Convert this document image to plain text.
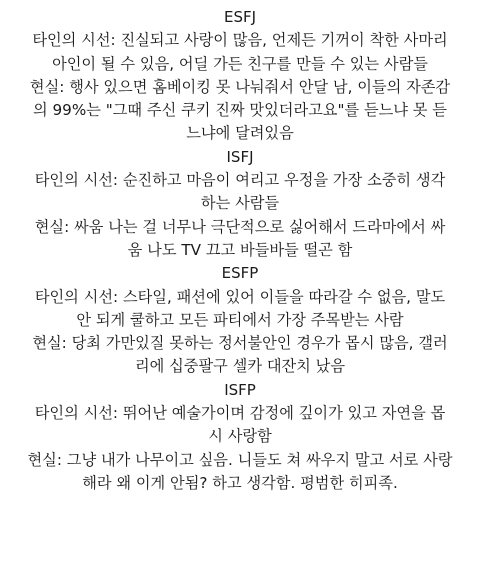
ESFJ
타인의 시선: 진실되고 사랑이 많음, 언제든 기꺼이 착한 사마리
아인이 될 수 있음, 어딜 가든 친구를 만들 수 있는 사람들
현실: 행사 있으면 홈베이킹 못 나눠줘서 안달 남, 이들의 자존감
의 99%는 "그때 주신 쿠키 진짜 맛있더라고요"를 듣느냐 못 듣
느냐에 달려있음
ISFJ
타인의 시선: 순진하고 마음이 여리고 우정을 가장 소중히 생각
하는 사람들
현실: 싸움 나는 걸 너무나 극단적으로 싫어해서 드라마에서 싸
움 나도 TV 끄고 바들바들 떨곤 함
ESFP
타인의 시선: 스타일, 패션에 있어 이들을 따라갈 수 없음, 말도
안 되게 쿨하고 모든 파티에서 가장 주목받는 사람
현실: 당최 가만있질 못하는 정서불안인 경우가 몹시 많음, 갤러
리에 십중팔구 셀카 대잔치 났음
ISFP
타인의 시선: 뛰어난 예술가이며 감정에 깊이가 있고 자연을 몹
시 사랑함
현실: 그냥 내가 나무이고 싶음. 니들도 쳐 싸우지 말고 서로 사랑
해라 왜 이게 안됨? 하고 생각함. 평범한 히피족.
